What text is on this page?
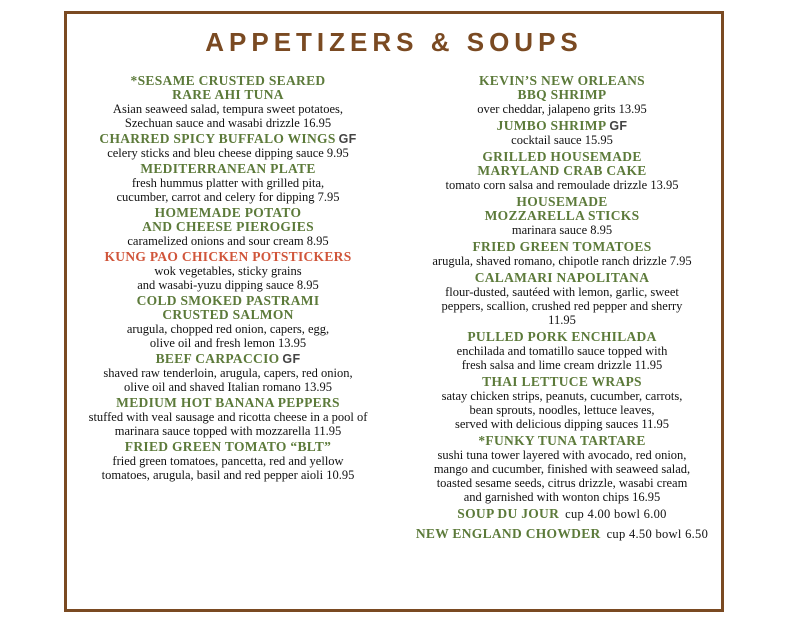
APPETIZERS & SOUPS
*SESAME CRUSTED SEARED
RARE AHI TUNA
Asian seaweed salad, tempura sweet potatoes,
Szechuan sauce and wasabi drizzle 16.95
CHARRED SPICY BUFFALO WINGS GF
celery sticks and bleu cheese dipping sauce 9.95
MEDITERRANEAN PLATE
fresh hummus platter with grilled pita,
cucumber, carrot and celery for dipping 7.95
HOMEMADE POTATO
AND CHEESE PIEROGIES
caramelized onions and sour cream 8.95
KUNG PAO CHICKEN POTSTICKERS
wok vegetables, sticky grains
and wasabi-yuzu dipping sauce 8.95
COLD SMOKED PASTRAMI
CRUSTED SALMON
arugula, chopped red onion, capers, egg,
olive oil and fresh lemon 13.95
BEEF CARPACCIO GF
shaved raw tenderloin, arugula, capers, red onion,
olive oil and shaved Italian romano 13.95
MEDIUM HOT BANANA PEPPERS
stuffed with veal sausage and ricotta cheese in a pool of
marinara sauce topped with mozzarella 11.95
FRIED GREEN TOMATO “BLT”
fried green tomatoes, pancetta, red and yellow
tomatoes, arugula, basil and red pepper aioli 10.95
KEVIN’S NEW ORLEANS
BBQ SHRIMP
over cheddar, jalapeno grits 13.95
JUMBO SHRIMP GF
cocktail sauce 15.95
GRILLED HOUSEMADE
MARYLAND CRAB CAKE
tomato corn salsa and remoulade drizzle 13.95
HOUSEMADE
MOZZARELLA STICKS
marinara sauce 8.95
FRIED GREEN TOMATOES
arugula, shaved romano, chipotle ranch drizzle 7.95
CALAMARI NAPOLITANA
flour-dusted, sautéed with lemon, garlic, sweet
peppers, scallion, crushed red pepper and sherry
11.95
PULLED PORK ENCHILADA
enchilada and tomatillo sauce topped with
fresh salsa and lime cream drizzle 11.95
THAI LETTUCE WRAPS
satay chicken strips, peanuts, cucumber, carrots,
bean sprouts, noodles, lettuce leaves,
served with delicious dipping sauces 11.95
*FUNKY TUNA TARTARE
sushi tuna tower layered with avocado, red onion,
mango and cucumber, finished with seaweed salad,
toasted sesame seeds, citrus drizzle, wasabi cream
and garnished with wonton chips 16.95
SOUP DU JOUR cup 4.00 bowl 6.00
NEW ENGLAND CHOWDER cup 4.50 bowl 6.50
